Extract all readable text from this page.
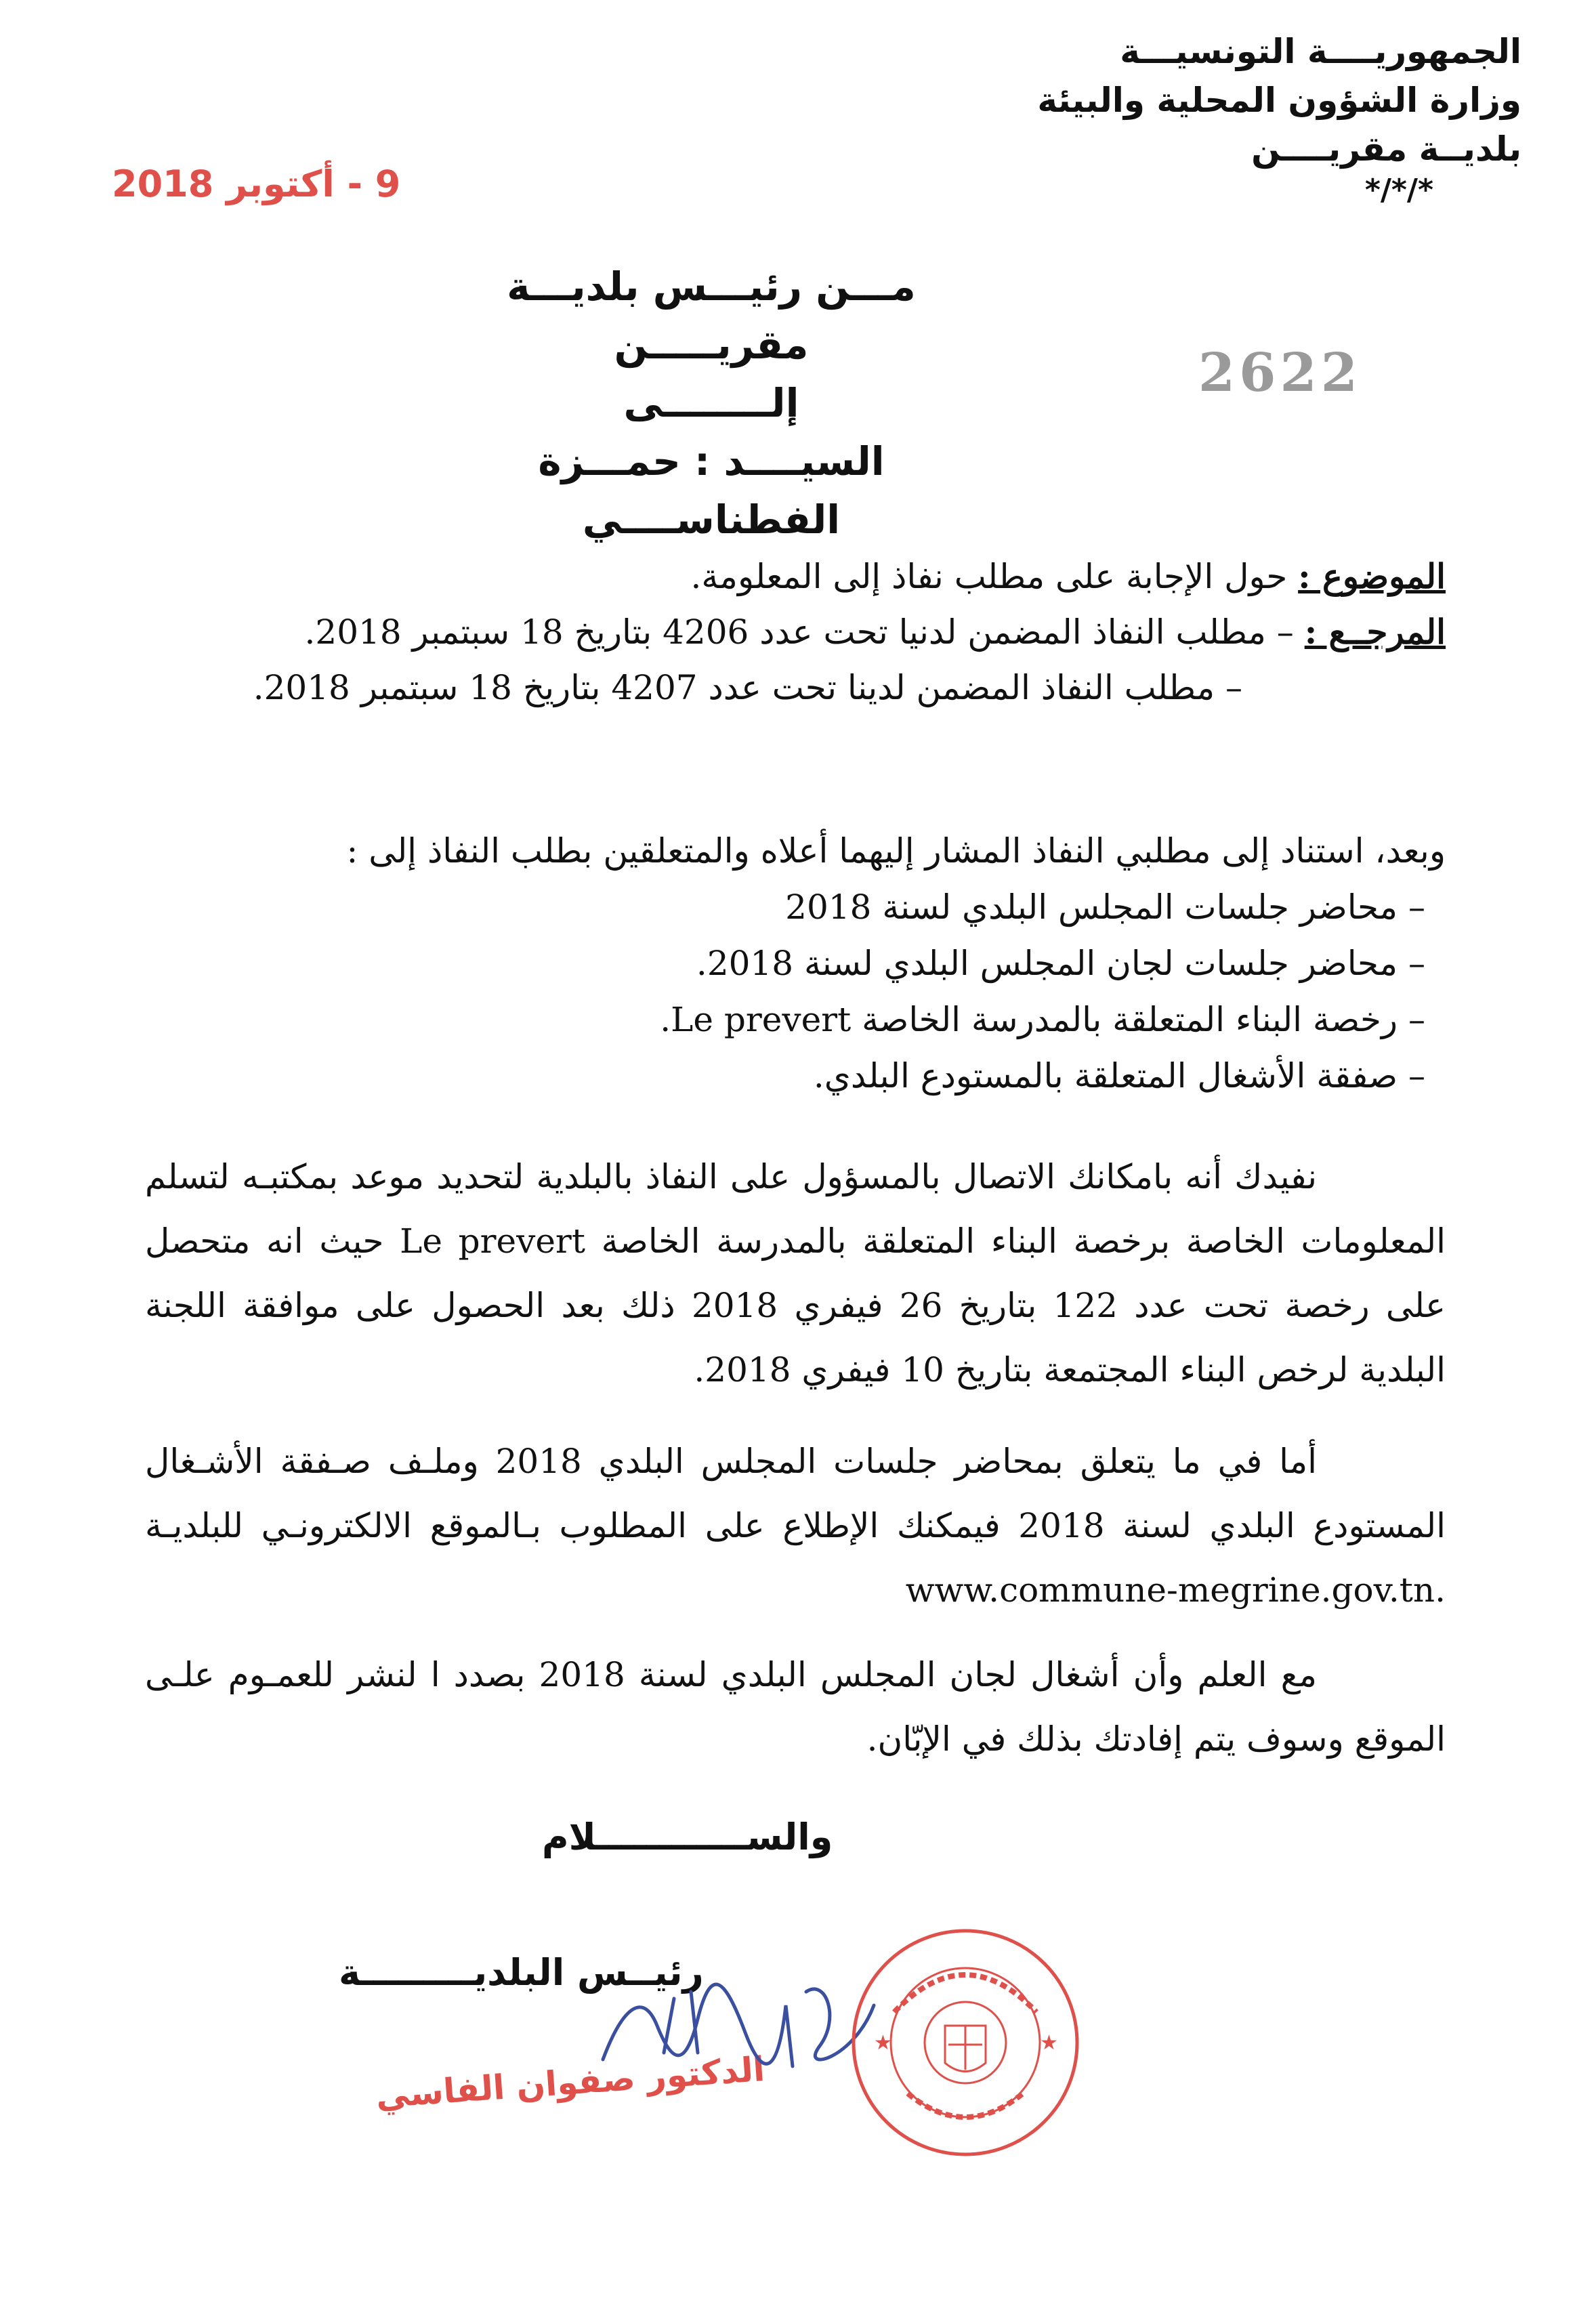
الجمهوريــــة التونسيـــة
وزارة الشؤون المحلية والبيئة
بلديــة مقريــــن
*/*/*
9 - أكتوبر 2018
2622
مـــن رئيـــس بلديـــة مقريـــــن
إلــــــــى
السيــــد : حمـــزة الفطناســــي
الموضوع : حول الإجابة على مطلب نفاذ إلى المعلومة.
المرجــع : – مطلب النفاذ المضمن لدنيا تحت عدد 4206 بتاريخ 18 سبتمبر 2018.
– مطلب النفاذ المضمن لدينا تحت عدد 4207 بتاريخ 18 سبتمبر 2018.
وبعد، استناد إلى مطلبي النفاذ المشار إليهما أعلاه والمتعلقين بطلب النفاذ إلى :
– محاضر جلسات المجلس البلدي لسنة 2018
– محاضر جلسات لجان المجلس البلدي لسنة 2018.
– رخصة البناء المتعلقة بالمدرسة الخاصة Le prevert.
– صفقة الأشغال المتعلقة بالمستودع البلدي.
نفيدك أنه بامكانك الاتصال بالمسؤول على النفاذ بالبلدية لتحديد موعد بمكتبـه لتسلم المعلومات الخاصة برخصة البناء المتعلقة بالمدرسة الخاصة Le prevert حيث انه متحصل على رخصة تحت عدد 122 بتاريخ 26 فيفري 2018 ذلك بعد الحصول على موافقة اللجنة البلدية لرخص البناء المجتمعة بتاريخ 10 فيفري 2018.
أما في ما يتعلق بمحاضر جلسات المجلس البلدي 2018 وملـف صـفقة الأشـغال المستودع البلدي لسنة 2018 فيمكنك الإطلاع على المطلوب بـالموقع الالكترونـي للبلديـة .www.commune-megrine.gov.tn
مع العلم وأن أشغال لجان المجلس البلدي لسنة 2018 بصدد ا لنشر للعمـوم علـى الموقع وسوف يتم إفادتك بذلك في الإبّان.
والســــــــــــلام
رئيــس البلديـــــــــة
الدكتور صفوان الفاسي
★	★
